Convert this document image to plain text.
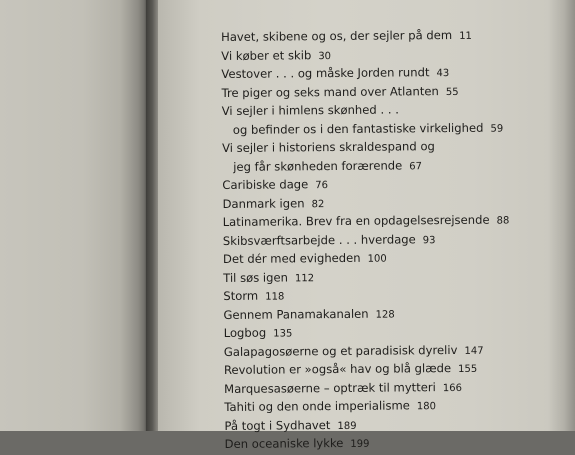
Havet, skibene og os, der sejler på dem 11
Vi køber et skib 30
Vestover . . . og måske Jorden rundt 43
Tre piger og seks mand over Atlanten 55
Vi sejler i himlens skønhed . . .
og befinder os i den fantastiske virkelighed 59
Vi sejler i historiens skraldespand og
jeg får skønheden forærende 67
Caribiske dage 76
Danmark igen 82
Latinamerika. Brev fra en opdagelsesrejsende 88
Skibsværftsarbejde . . . hverdage 93
Det dér med evigheden 100
Til søs igen 112
Storm 118
Gennem Panamakanalen 128
Logbog 135
Galapagosøerne og et paradisisk dyreliv 147
Revolution er »også« hav og blå glæde 155
Marquesasøerne – optræk til mytteri 166
Tahiti og den onde imperialisme 180
På togt i Sydhavet 189
Den oceaniske lykke 199
